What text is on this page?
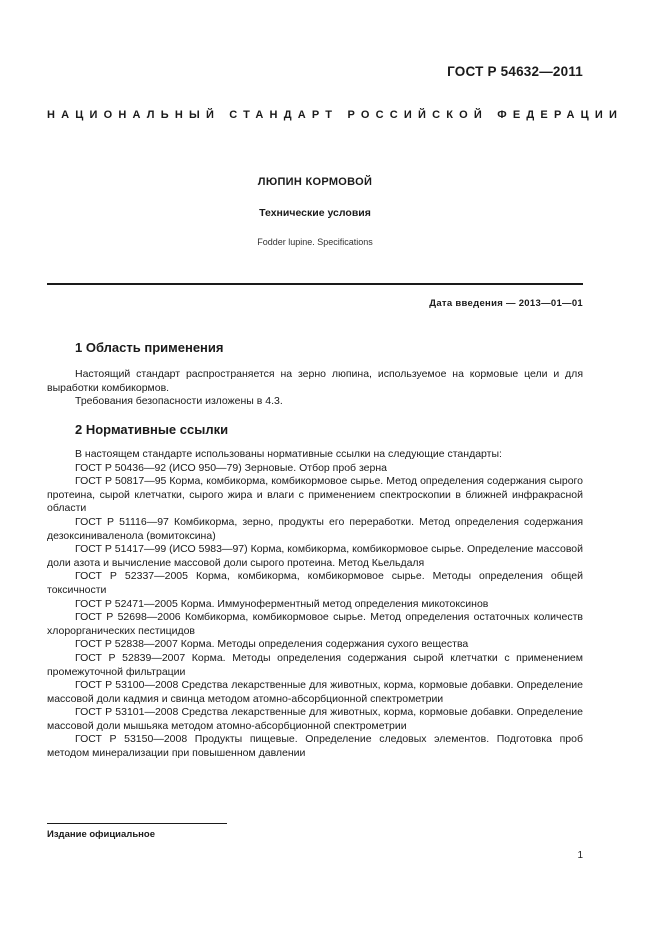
ГОСТ Р 54632—2011
НАЦИОНАЛЬНЫЙ СТАНДАРТ РОССИЙСКОЙ ФЕДЕРАЦИИ
ЛЮПИН КОРМОВОЙ
Технические условия
Fodder lupine. Specifications
Дата введения — 2013—01—01
1 Область применения
Настоящий стандарт распространяется на зерно люпина, используемое на кормовые цели и для выработки комбикормов.
Требования безопасности изложены в 4.3.
2 Нормативные ссылки
В настоящем стандарте использованы нормативные ссылки на следующие стандарты:
ГОСТ Р 50436—92 (ИСО 950—79) Зерновые. Отбор проб зерна
ГОСТ Р 50817—95 Корма, комбикорма, комбикормовое сырье. Метод определения содержания сырого протеина, сырой клетчатки, сырого жира и влаги с применением спектроскопии в ближней инфракрасной области
ГОСТ Р 51116—97 Комбикорма, зерно, продукты его переработки. Метод определения содержания дезоксиниваленола (вомитоксина)
ГОСТ Р 51417—99 (ИСО 5983—97) Корма, комбикорма, комбикормовое сырье. Определение массовой доли азота и вычисление массовой доли сырого протеина. Метод Кьельдаля
ГОСТ Р 52337—2005 Корма, комбикорма, комбикормовое сырье. Методы определения общей токсичности
ГОСТ Р 52471—2005 Корма. Иммуноферментный метод определения микотоксинов
ГОСТ Р 52698—2006 Комбикорма, комбикормовое сырье. Метод определения остаточных количеств хлорорганических пестицидов
ГОСТ Р 52838—2007 Корма. Методы определения содержания сухого вещества
ГОСТ Р 52839—2007 Корма. Методы определения содержания сырой клетчатки с применением промежуточной фильтрации
ГОСТ Р 53100—2008 Средства лекарственные для животных, корма, кормовые добавки. Определение массовой доли кадмия и свинца методом атомно-абсорбционной спектрометрии
ГОСТ Р 53101—2008 Средства лекарственные для животных, корма, кормовые добавки. Определение массовой доли мышьяка методом атомно-абсорбционной спектрометрии
ГОСТ Р 53150—2008 Продукты пищевые. Определение следовых элементов. Подготовка проб методом минерализации при повышенном давлении
Издание официальное
1
